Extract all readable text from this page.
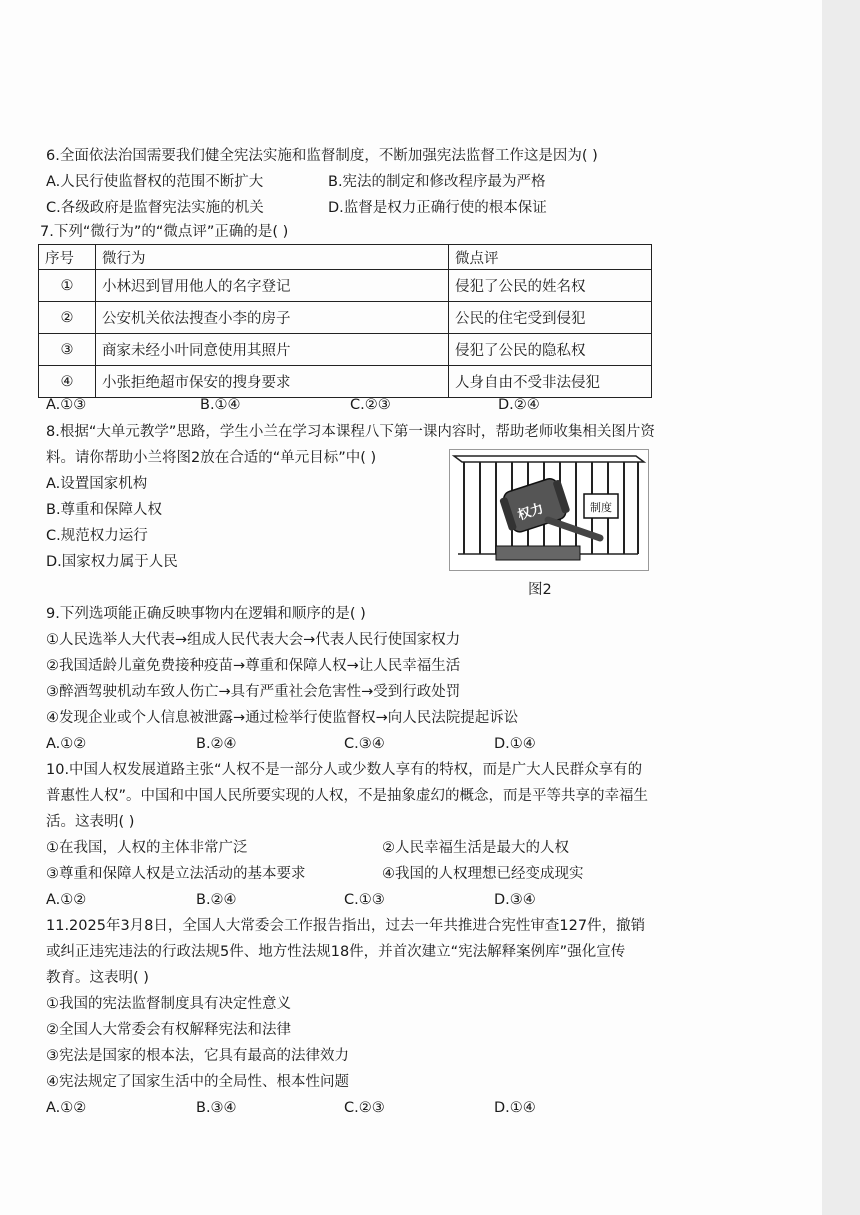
6.全面依法治国需要我们健全宪法实施和监督制度，不断加强宪法监督工作这是因为( )
A.人民行使监督权的范围不断扩大	B.宪法的制定和修改程序最为严格
C.各级政府是监督宪法实施的机关	D.监督是权力正确行使的根本保证
7.下列“微行为”的“微点评”正确的是( )
序号	微行为	微点评
①	小林迟到冒用他人的名字登记	侵犯了公民的姓名权
②	公安机关依法搜查小李的房子	公民的住宅受到侵犯
③	商家未经小叶同意使用其照片	侵犯了公民的隐私权
④	小张拒绝超市保安的搜身要求	人身自由不受非法侵犯
A.①③	B.①④	C.②③	D.②④
8.根据“大单元教学”思路，学生小兰在学习本课程八下第一课内容时，帮助老师收集相关图片资
料。请你帮助小兰将图2放在合适的“单元目标”中( )
A.设置国家机构
B.尊重和保障人权
C.规范权力运行
D.国家权力属于人民
制度
权力
图2
9.下列选项能正确反映事物内在逻辑和顺序的是( )
①人民选举人大代表→组成人民代表大会→代表人民行使国家权力
②我国适龄儿童免费接种疫苗→尊重和保障人权→让人民幸福生活
③醉酒驾驶机动车致人伤亡→具有严重社会危害性→受到行政处罚
④发现企业或个人信息被泄露→通过检举行使监督权→向人民法院提起诉讼
A.①②	B.②④	C.③④	D.①④
10.中国人权发展道路主张“人权不是一部分人或少数人享有的特权，而是广大人民群众享有的
普惠性人权”。中国和中国人民所要实现的人权，不是抽象虚幻的概念，而是平等共享的幸福生
活。这表明( )
①在我国，人权的主体非常广泛	②人民幸福生活是最大的人权
③尊重和保障人权是立法活动的基本要求	④我国的人权理想已经变成现实
A.①②	B.②④	C.①③	D.③④
11.2025年3月8日，全国人大常委会工作报告指出，过去一年共推进合宪性审查127件，撤销
或纠正违宪违法的行政法规5件、地方性法规18件，并首次建立“宪法解释案例库”强化宣传
教育。这表明( )
①我国的宪法监督制度具有决定性意义
②全国人大常委会有权解释宪法和法律
③宪法是国家的根本法，它具有最高的法律效力
④宪法规定了国家生活中的全局性、根本性问题
A.①②	B.③④	C.②③	D.①④
